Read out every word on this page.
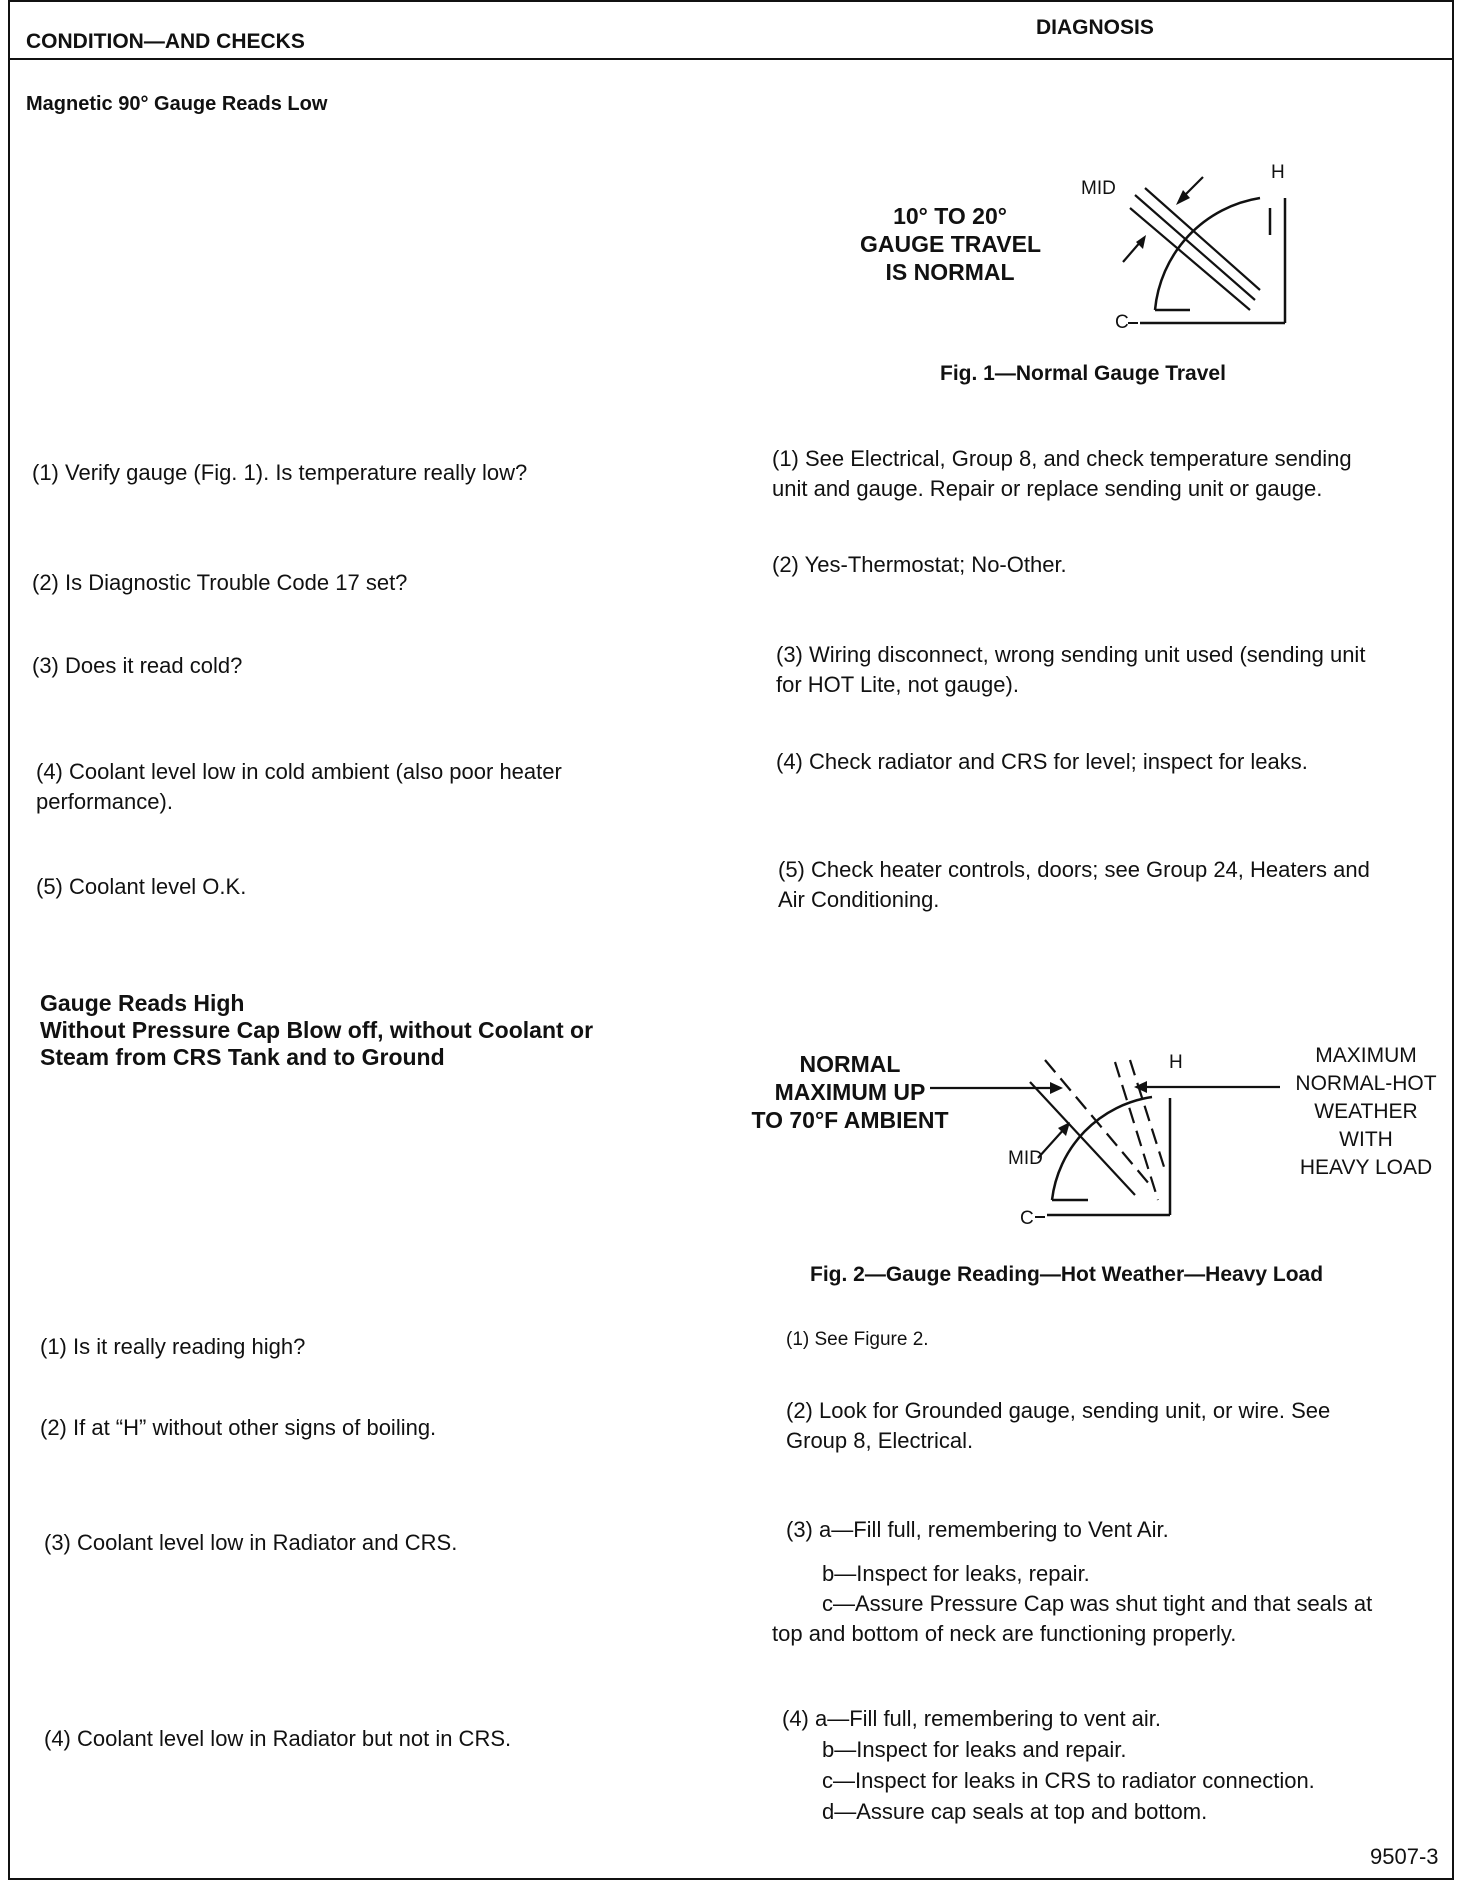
CONDITION—AND CHECKS
DIAGNOSIS
Magnetic 90° Gauge Reads Low
10° TO 20°
GAUGE TRAVEL
IS NORMAL
MID
H
C
Fig. 1—Normal Gauge Travel
(1) Verify gauge (Fig. 1). Is temperature really low?
(1) See Electrical, Group 8, and check temperature sending
unit and gauge. Repair or replace sending unit or gauge.
(2) Is Diagnostic Trouble Code 17 set?
(2) Yes-Thermostat; No-Other.
(3) Does it read cold?	(3) Wiring disconnect, wrong sending unit used (sending unit
for HOT Lite, not gauge).
(4) Coolant level low in cold ambient (also poor heater
performance).
(4) Check radiator and CRS for level; inspect for leaks.
(5) Coolant level O.K.
(5) Check heater controls, doors; see Group 24, Heaters and
Air Conditioning.
Gauge Reads High
Without Pressure Cap Blow off, without Coolant or
Steam from CRS Tank and to Ground	NORMAL
MAXIMUM UP
TO 70°F AMBIENT
MAXIMUM
NORMAL-HOT
WEATHER
WITH
HEAVY LOAD
H
MID
C
Fig. 2—Gauge Reading—Hot Weather—Heavy Load
(1) Is it really reading high?	(1) See Figure 2.
(2) If at “H” without other signs of boiling.
(2) Look for Grounded gauge, sending unit, or wire. See
Group 8, Electrical.
(3) Coolant level low in Radiator and CRS.
(3) a—Fill full, remembering to Vent Air.
b—Inspect for leaks, repair.
c—Assure Pressure Cap was shut tight and that seals at
top and bottom of neck are functioning properly.
(4) Coolant level low in Radiator but not in CRS.
(4) a—Fill full, remembering to vent air.
b—Inspect for leaks and repair.
c—Inspect for leaks in CRS to radiator connection.
d—Assure cap seals at top and bottom.
9507-3
